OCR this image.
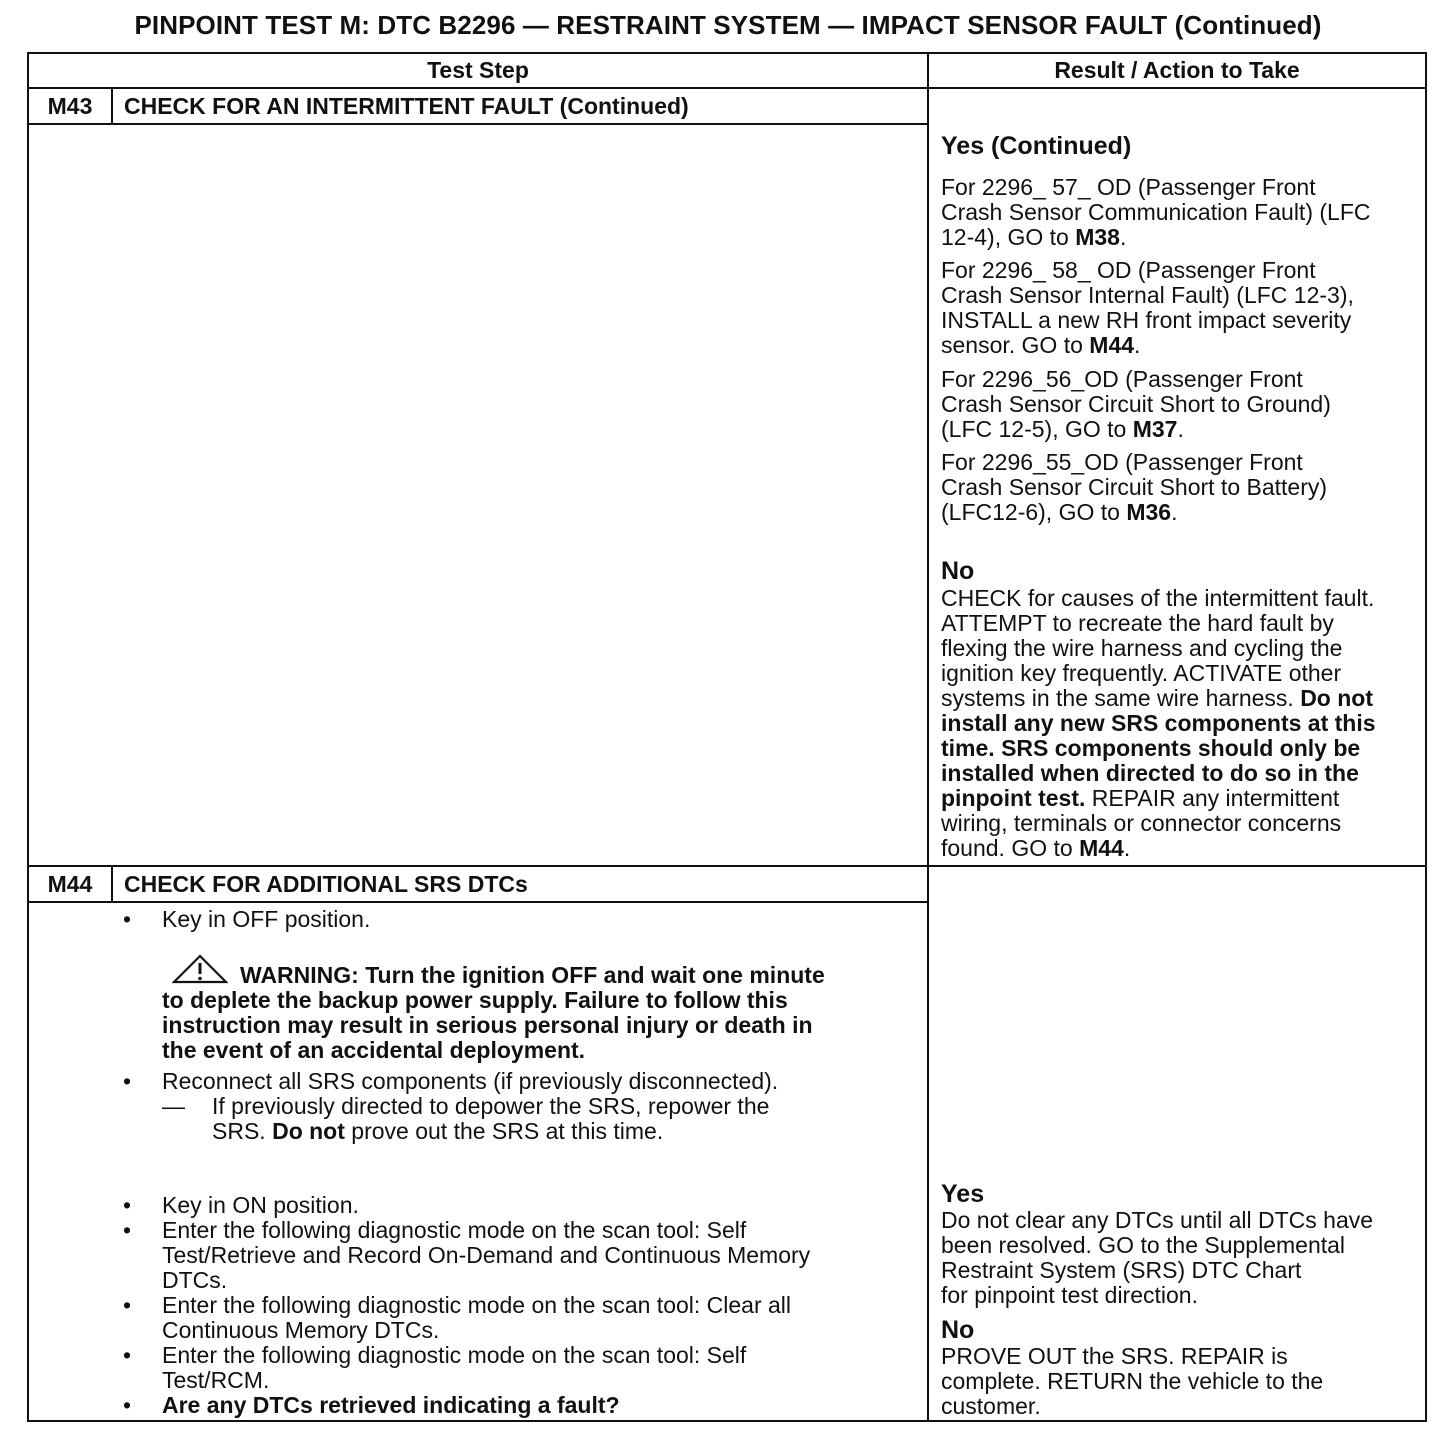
PINPOINT TEST M: DTC B2296 — RESTRAINT SYSTEM — IMPACT SENSOR FAULT (Continued)
Test Step	Result / Action to Take
M43	CHECK FOR AN INTERMITTENT FAULT (Continued)
Yes (Continued)
For 2296_ 57_ OD (Passenger Front
Crash Sensor Communication Fault) (LFC
12-4), GO to M38.
For 2296_ 58_ OD (Passenger Front
Crash Sensor Internal Fault) (LFC 12-3),
INSTALL a new RH front impact severity
sensor. GO to M44.
For 2296_56_OD (Passenger Front
Crash Sensor Circuit Short to Ground)
(LFC 12-5), GO to M37.
For 2296_55_OD (Passenger Front
Crash Sensor Circuit Short to Battery)
(LFC12-6), GO to M36.
No
CHECK for causes of the intermittent fault.
ATTEMPT to recreate the hard fault by
flexing the wire harness and cycling the
ignition key frequently. ACTIVATE other
systems in the same wire harness. Do not
install any new SRS components at this
time. SRS components should only be
installed when directed to do so in the
pinpoint test. REPAIR any intermittent
wiring, terminals or connector concerns
found. GO to M44.
M44	CHECK FOR ADDITIONAL SRS DTCs
• Key in OFF position.
WARNING: Turn the ignition OFF and wait one minute
to deplete the backup power supply. Failure to follow this
instruction may result in serious personal injury or death in
the event of an accidental deployment.
• Reconnect all SRS components (if previously disconnected).
— If previously directed to depower the SRS, repower the
SRS. Do not prove out the SRS at this time.
• Key in ON position.
• Enter the following diagnostic mode on the scan tool: Self
Test/Retrieve and Record On-Demand and Continuous Memory
DTCs.
• Enter the following diagnostic mode on the scan tool: Clear all
Continuous Memory DTCs.
• Enter the following diagnostic mode on the scan tool: Self
Test/RCM.
• Are any DTCs retrieved indicating a fault?
Yes
Do not clear any DTCs until all DTCs have
been resolved. GO to the Supplemental
Restraint System (SRS) DTC Chart
for pinpoint test direction.
No
PROVE OUT the SRS. REPAIR is
complete. RETURN the vehicle to the
customer.
